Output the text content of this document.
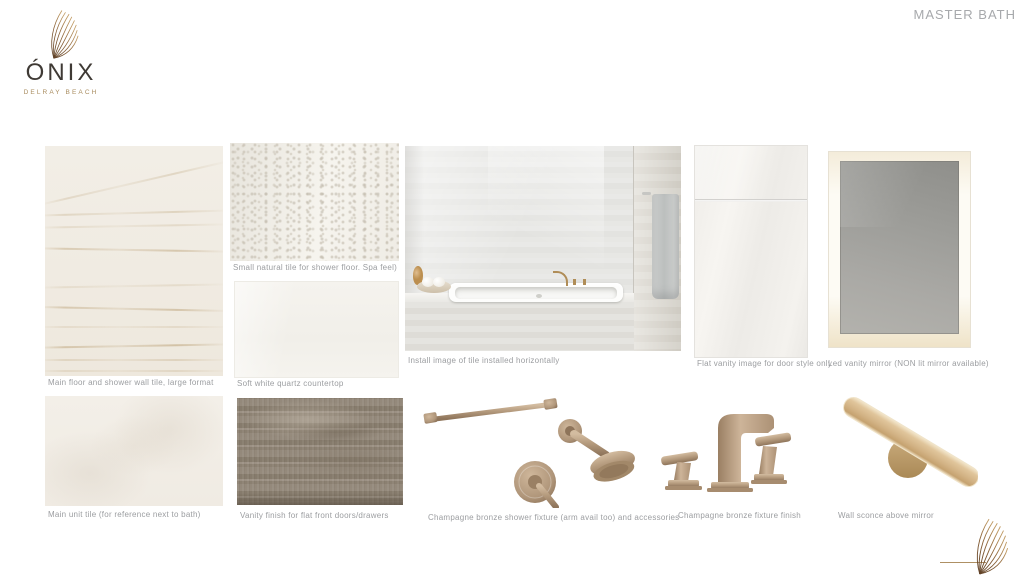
ÓNIX
DELRAY BEACH
MASTER BATH
Main floor and shower wall tile, large format
Small natural tile for shower floor. Spa feel)
Soft white quartz countertop
Install image of tile installed horizontally	Flat vanity image for door style only
Led vanity mirror (NON lit mirror available)
Main unit tile (for reference next to bath)	Vanity finish for flat front doors/drawers	Champagne bronze shower fixture (arm avail too) and accessories
Champagne bronze fixture finish	Wall sconce above mirror
